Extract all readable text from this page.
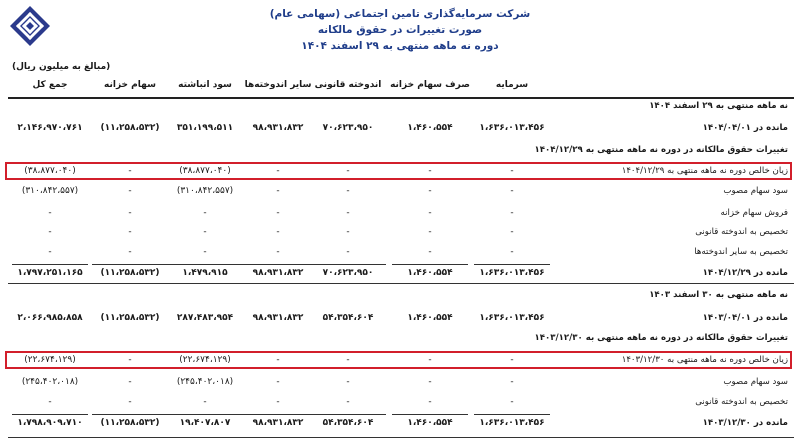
شرکت سرمایه‌گذاری تامین اجتماعی (سهامی عام)
صورت تغییرات در حقوق مالکانه
دوره نه ماهه منتهی به ۲۹ اسفند ۱۴۰۴
(مبالغ به میلیون ریال)
سرمایه
صرف سهام خزانه
اندوخته قانونی
سایر اندوخته‌ها
سود انباشته
سهام خزانه
جمع کل
نه ماهه منتهی به ۲۹ اسفند ۱۴۰۴
مانده در ۱۴۰۴/۰۴/۰۱
۱،۶۳۶،۰۱۳،۴۵۶
۱،۴۶۰،۵۵۴
۷۰،۶۲۳،۹۵۰
۹۸،۹۳۱،۸۳۲
۳۵۱،۱۹۹،۵۱۱
(۱۱،۲۵۸،۵۳۲)
۲،۱۴۶،۹۷۰،۷۶۱
تغییرات حقوق مالکانه در دوره نه ماهه منتهی به ۱۴۰۴/۱۲/۲۹
زیان خالص دوره نه ماهه منتهی به ۱۴۰۴/۱۲/۲۹
-
-
-
-
(۳۸،۸۷۷،۰۴۰)
-
(۳۸،۸۷۷،۰۴۰)
سود سهام مصوب
-
-
-
-
(۳۱۰،۸۴۲،۵۵۷)
-
(۳۱۰،۸۴۲،۵۵۷)
فروش سهام خزانه
-
-
-
-
-
-
-
تخصیص به اندوخته قانونی
-
-
-
-
-
-
-
تخصیص به سایر اندوخته‌ها
-
-
-
-
-
-
-
مانده در ۱۴۰۴/۱۲/۲۹
۱،۶۳۶،۰۱۳،۴۵۶
۱،۴۶۰،۵۵۴
۷۰،۶۲۳،۹۵۰
۹۸،۹۳۱،۸۳۲
۱،۴۷۹،۹۱۵
(۱۱،۲۵۸،۵۳۲)
۱،۷۹۷،۲۵۱،۱۶۵
نه ماهه منتهی به ۳۰ اسفند ۱۴۰۳
مانده در ۱۴۰۳/۰۴/۰۱
۱،۶۳۶،۰۱۳،۴۵۶
۱،۴۶۰،۵۵۴
۵۴،۳۵۴،۶۰۴
۹۸،۹۳۱،۸۳۲
۲۸۷،۴۸۳،۹۵۴
(۱۱،۲۵۸،۵۳۲)
۲،۰۶۶،۹۸۵،۸۵۸
تغییرات حقوق مالکانه در دوره نه ماهه منتهی به ۱۴۰۳/۱۲/۳۰
زیان خالص دوره نه ماهه منتهی به ۱۴۰۳/۱۲/۳۰
-
-
-
-
(۲۲،۶۷۴،۱۲۹)
-
(۲۲،۶۷۴،۱۲۹)
سود سهام مصوب
-
-
-
-
(۲۴۵،۴۰۲،۰۱۸)
-
(۲۴۵،۴۰۲،۰۱۸)
تخصیص به اندوخته قانونی
-
-
-
-
-
-
-
مانده در ۱۴۰۳/۱۲/۳۰
۱،۶۳۶،۰۱۳،۴۵۶
۱،۴۶۰،۵۵۴
۵۴،۳۵۴،۶۰۴
۹۸،۹۳۱،۸۳۲
۱۹،۴۰۷،۸۰۷
(۱۱،۲۵۸،۵۳۲)
۱،۷۹۸،۹۰۹،۷۱۰
